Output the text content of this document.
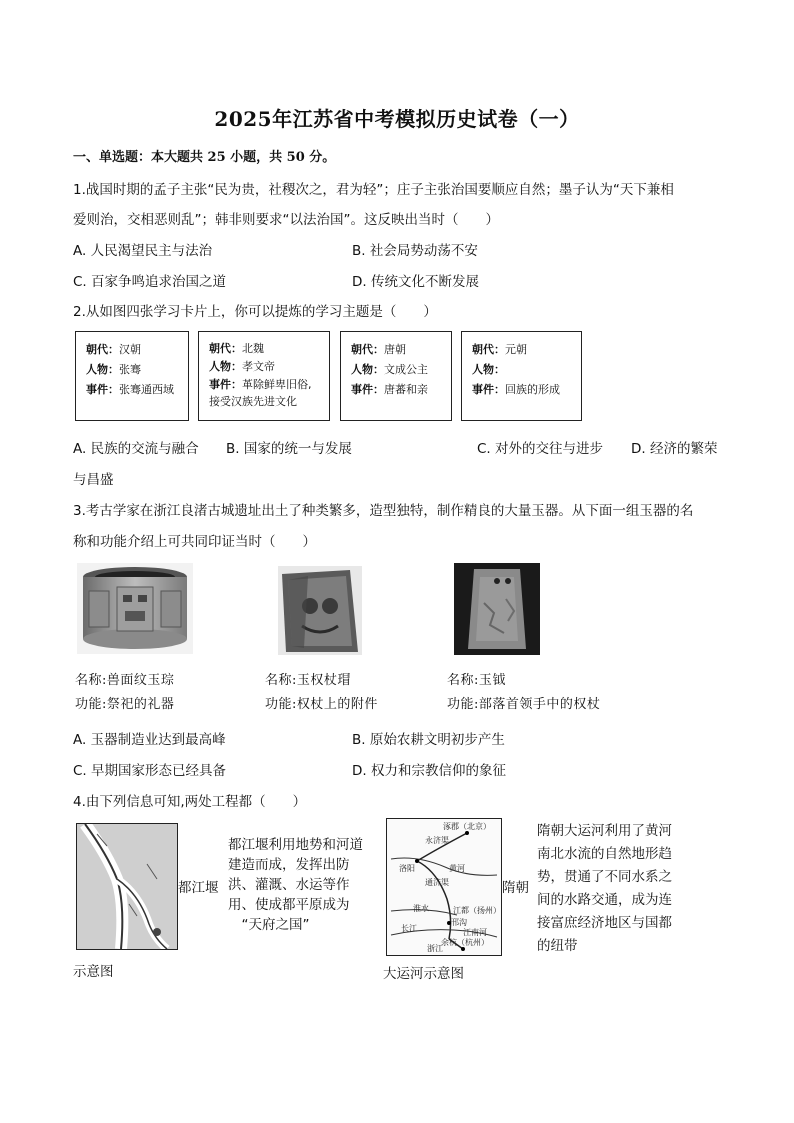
2025年江苏省中考模拟历史试卷（一）
一、单选题：本大题共 25 小题，共 50 分。
1.战国时期的孟子主张“民为贵，社稷次之，君为轻”；庄子主张治国要顺应自然；墨子认为“天下兼相
爱则治，交相恶则乱”；韩非则要求“以法治国”。这反映出当时（　　）
A. 人民渴望民主与法治	B. 社会局势动荡不安
C. 百家争鸣追求治国之道	D. 传统文化不断发展
2.从如图四张学习卡片上，你可以提炼的学习主题是（　　）
朝代：汉朝
人物：张骞
事件：张骞通西域
朝代：北魏
人物：孝文帝
事件：革除鲜卑旧俗,
接受汉族先进文化
朝代：唐朝
人物：文成公主
事件：唐蕃和亲
朝代：元朝
人物：
事件：回族的形成
A. 民族的交流与融合 B. 国家的统一与发展	C. 对外的交往与进步 D. 经济的繁荣
与昌盛
3.考古学家在浙江良渚古城遗址出土了种类繁多，造型独特，制作精良的大量玉器。从下面一组玉器的名
称和功能介绍上可共同印证当时（　　）
名称:兽面纹玉琮
功能:祭祀的礼器
名称:玉权杖瑁
功能:权杖上的附件
名称:玉钺
功能:部落首领手中的权杖
A. 玉器制造业达到最高峰	B. 原始农耕文明初步产生
C. 早期国家形态已经具备	D. 权力和宗教信仰的象征
4.由下列信息可知,两处工程都（　　）
都江堰
示意图
都江堰利用地势和河道
建造而成，发挥出防
洪、灌溉、水运等作
用、使成都平原成为
　“天府之国”
涿郡（北京）
永济渠
洛阳	黄河
通济渠
淮水	江都（扬州）
邗沟
长江	江南河
余杭（杭州）
浙江
隋朝
大运河示意图
隋朝大运河利用了黄河
南北水流的自然地形趋
势，贯通了不同水系之
间的水路交通，成为连
接富庶经济地区与国都
的纽带
